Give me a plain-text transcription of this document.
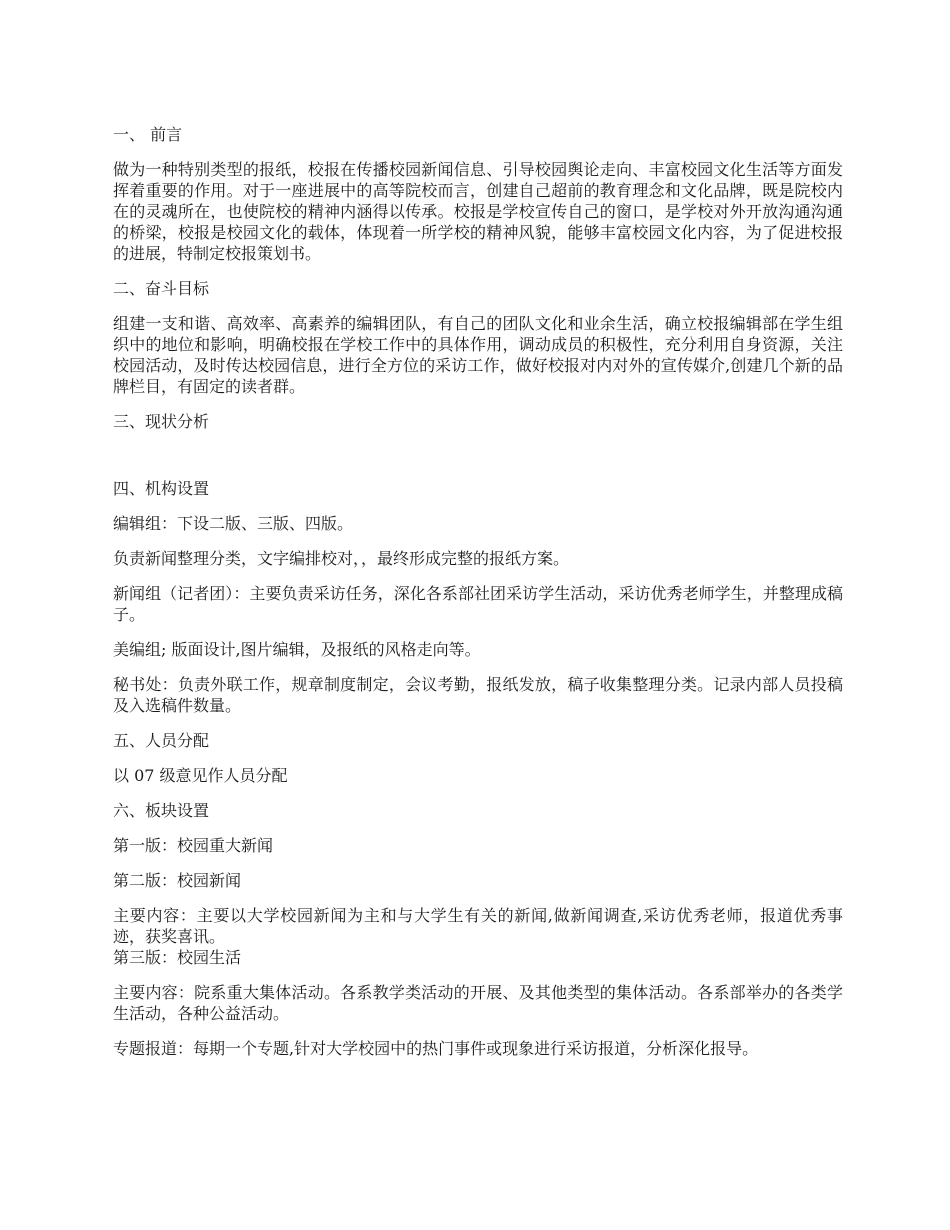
一、 前言
做为一种特别类型的报纸，校报在传播校园新闻信息、引导校园舆论走向、丰富校园文化生活等方面发挥着重要的作用。对于一座进展中的高等院校而言，创建自己超前的教育理念和文化品牌，既是院校内在的灵魂所在，也使院校的精神内涵得以传承。校报是学校宣传自己的窗口，是学校对外开放沟通沟通的桥梁，校报是校园文化的载体，体现着一所学校的精神风貌，能够丰富校园文化内容，为了促进校报的进展，特制定校报策划书。
二、奋斗目标
组建一支和谐、高效率、高素养的编辑团队，有自己的团队文化和业余生活，确立校报编辑部在学生组织中的地位和影响，明确校报在学校工作中的具体作用，调动成员的积极性，充分利用自身资源，关注校园活动，及时传达校园信息，进行全方位的采访工作，做好校报对内对外的宣传媒介,创建几个新的品牌栏目，有固定的读者群。
三、现状分析
四、机构设置
编辑组：下设二版、三版、四版。
负责新闻整理分类，文字编排校对，，最终形成完整的报纸方案。
新闻组（记者团）：主要负责采访任务，深化各系部社团采访学生活动，采访优秀老师学生，并整理成稿子。
美编组; 版面设计,图片编辑，及报纸的风格走向等。
秘书处：负责外联工作，规章制度制定，会议考勤，报纸发放，稿子收集整理分类。记录内部人员投稿及入选稿件数量。
五、人员分配
以 07 级意见作人员分配
六、板块设置
第一版：校园重大新闻
第二版：校园新闻
主要内容：主要以大学校园新闻为主和与大学生有关的新闻,做新闻调查,采访优秀老师，报道优秀事迹，获奖喜讯。
第三版：校园生活
主要内容：院系重大集体活动。各系教学类活动的开展、及其他类型的集体活动。各系部举办的各类学生活动，各种公益活动。
专题报道：每期一个专题,针对大学校园中的热门事件或现象进行采访报道，分析深化报导。
